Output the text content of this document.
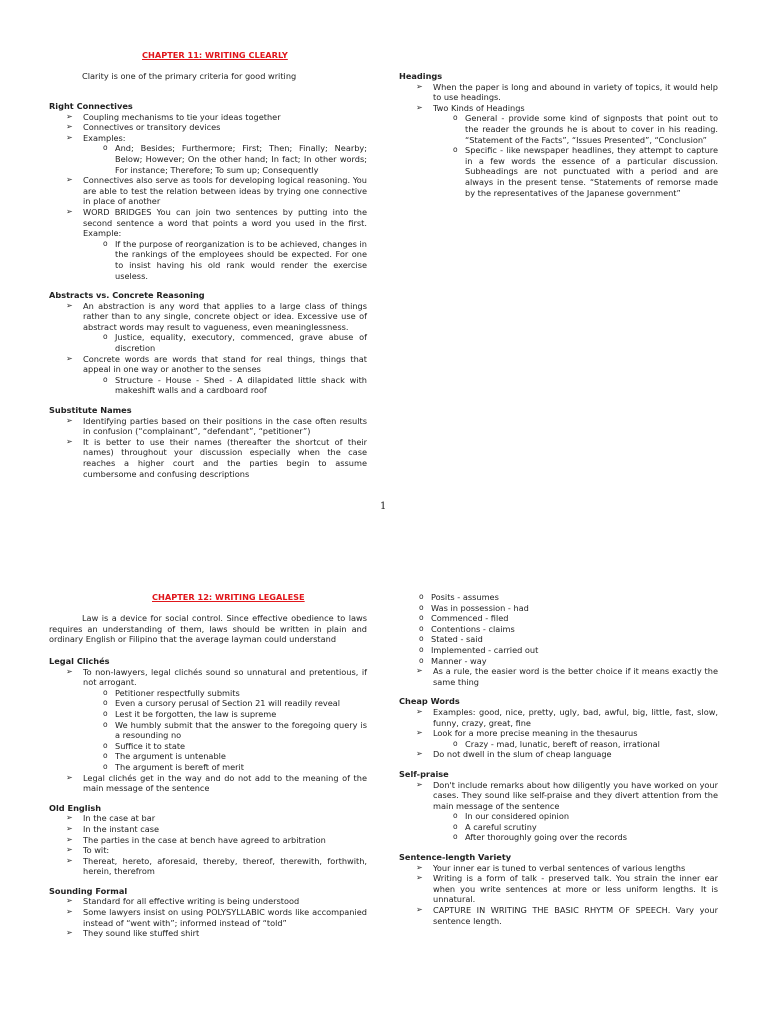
CHAPTER 11: WRITING CLEARLY
Clarity is one of the primary criteria for good writing
Right Connectives
➢ Coupling mechanisms to tie your ideas together
➢ Connectives or transitory devices
➢ Examples:
o And; Besides; Furthermore; First; Then; Finally; Nearby; Below; However; On the other hand; In fact; In other words; For instance; Therefore; To sum up; Consequently
➢ Connectives also serve as tools for developing logical reasoning. You are able to test the relation between ideas by trying one connective in place of another
➢ WORD BRIDGES You can join two sentences by putting into the second sentence a word that points a word you used in the first. Example:
o If the purpose of reorganization is to be achieved, changes in the rankings of the employees should be expected. For one to insist having his old rank would render the exercise useless.
Abstracts vs. Concrete Reasoning
➢ An abstraction is any word that applies to a large class of things rather than to any single, concrete object or idea. Excessive use of abstract words may result to vagueness, even meaninglessness.
o Justice, equality, executory, commenced, grave abuse of discretion
➢ Concrete words are words that stand for real things, things that appeal in one way or another to the senses
o Structure - House - Shed - A dilapidated little shack with makeshift walls and a cardboard roof
Substitute Names
➢ Identifying parties based on their positions in the case often results in confusion (“complainant”, “defendant”, “petitioner”)
➢ It is better to use their names (thereafter the shortcut of their names) throughout your discussion especially when the case reaches a higher court and the parties begin to assume cumbersome and confusing descriptions
Headings
➢ When the paper is long and abound in variety of topics, it would help to use headings.
➢ Two Kinds of Headings
o General - provide some kind of signposts that point out to the reader the grounds he is about to cover in his reading. “Statement of the Facts”, “Issues Presented”, “Conclusion”
o Specific - like newspaper headlines, they attempt to capture in a few words the essence of a particular discussion. Subheadings are not punctuated with a period and are always in the present tense. “Statements of remorse made by the representatives of the Japanese government”
1
CHAPTER 12: WRITING LEGALESE
Law is a device for social control. Since effective obedience to laws requires an understanding of them, laws should be written in plain and ordinary English or Filipino that the average layman could understand
Legal Clichés
➢ To non-lawyers, legal clichés sound so unnatural and pretentious, if not arrogant.
o Petitioner respectfully submits
o Even a cursory perusal of Section 21 will readily reveal
o Lest it be forgotten, the law is supreme
o We humbly submit that the answer to the foregoing query is a resounding no
o Suffice it to state
o The argument is untenable
o The argument is bereft of merit
➢ Legal clichés get in the way and do not add to the meaning of the main message of the sentence
Old English
➢ In the case at bar
➢ In the instant case
➢ The parties in the case at bench have agreed to arbitration
➢ To wit:
➢ Thereat, hereto, aforesaid, thereby, thereof, therewith, forthwith, herein, therefrom
Sounding Formal
➢ Standard for all effective writing is being understood
➢ Some lawyers insist on using POLYSYLLABIC words like accompanied instead of “went with”; informed instead of “told”
➢ They sound like stuffed shirt
o Posits - assumes
o Was in possession - had
o Commenced - filed
o Contentions - claims
o Stated - said
o Implemented - carried out
o Manner - way
➢ As a rule, the easier word is the better choice if it means exactly the same thing
Cheap Words
➢ Examples: good, nice, pretty, ugly, bad, awful, big, little, fast, slow, funny, crazy, great, fine
➢ Look for a more precise meaning in the thesaurus
o Crazy - mad, lunatic, bereft of reason, irrational
➢ Do not dwell in the slum of cheap language
Self-praise
➢ Don't include remarks about how diligently you have worked on your cases. They sound like self-praise and they divert attention from the main message of the sentence
o In our considered opinion
o A careful scrutiny
o After thoroughly going over the records
Sentence-length Variety
➢ Your inner ear is tuned to verbal sentences of various lengths
➢ Writing is a form of talk - preserved talk. You strain the inner ear when you write sentences at more or less uniform lengths. It is unnatural.
➢ CAPTURE IN WRITING THE BASIC RHYTM OF SPEECH. Vary your sentence length.
